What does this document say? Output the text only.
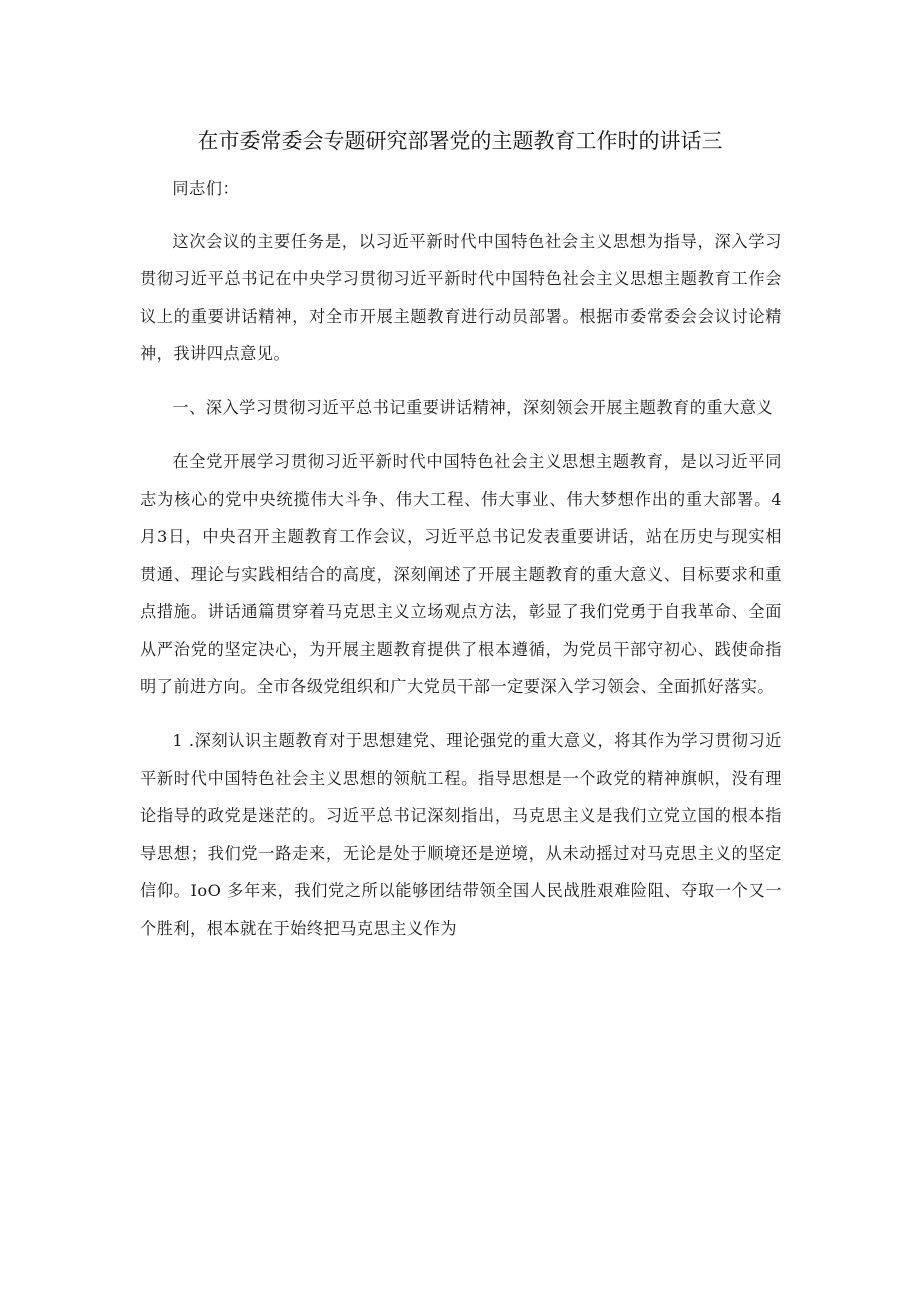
在市委常委会专题研究部署党的主题教育工作时的讲话三

同志们：

这次会议的主要任务是，以习近平新时代中国特色社会主义思想为指导，深入学习贯彻习近平总书记在中央学习贯彻习近平新时代中国特色社会主义思想主题教育工作会议上的重要讲话精神，对全市开展主题教育进行动员部署。根据市委常委会会议讨论精神，我讲四点意见。

一、深入学习贯彻习近平总书记重要讲话精神，深刻领会开展主题教育的重大意义

在全党开展学习贯彻习近平新时代中国特色社会主义思想主题教育，是以习近平同志为核心的党中央统揽伟大斗争、伟大工程、伟大事业、伟大梦想作出的重大部署。4月3日，中央召开主题教育工作会议，习近平总书记发表重要讲话，站在历史与现实相贯通、理论与实践相结合的高度，深刻阐述了开展主题教育的重大意义、目标要求和重点措施。讲话通篇贯穿着马克思主义立场观点方法，彰显了我们党勇于自我革命、全面从严治党的坚定决心，为开展主题教育提供了根本遵循，为党员干部守初心、践使命指明了前进方向。全市各级党组织和广大党员干部一定要深入学习领会、全面抓好落实。

1 .深刻认识主题教育对于思想建党、理论强党的重大意义，将其作为学习贯彻习近平新时代中国特色社会主义思想的领航工程。指导思想是一个政党的精神旗帜，没有理论指导的政党是迷茫的。习近平总书记深刻指出，马克思主义是我们立党立国的根本指导思想；我们党一路走来，无论是处于顺境还是逆境，从未动摇过对马克思主义的坚定信仰。IoO 多年来，我们党之所以能够团结带领全国人民战胜艰难险阻、夺取一个又一个胜利，根本就在于始终把马克思主义作为
